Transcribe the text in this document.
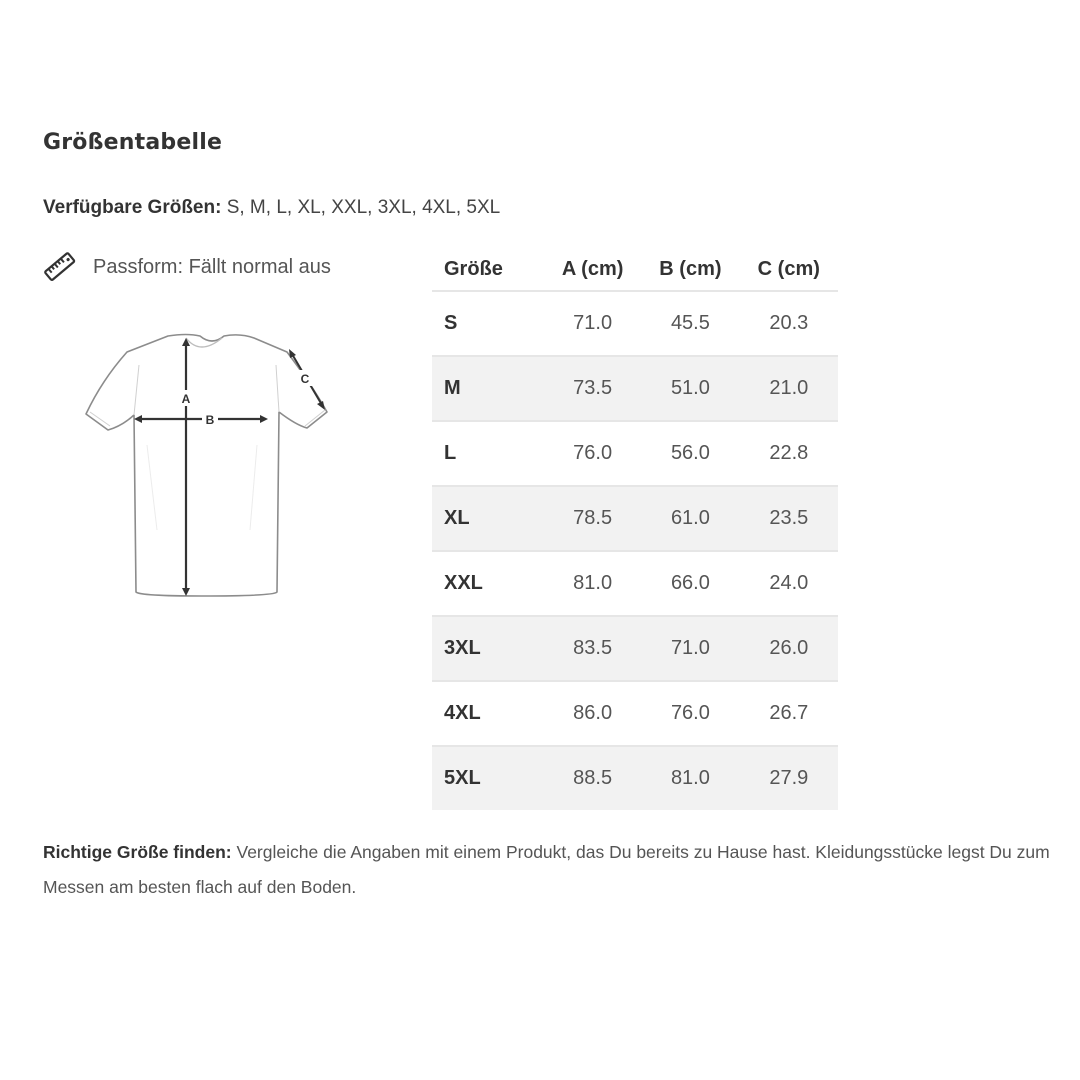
Größentabelle
Verfügbare Größen: S, M, L, XL, XXL, 3XL, 4XL, 5XL
Passform: Fällt normal aus
A
B
C
Größe	A (cm)	B (cm)	C (cm)
S	71.0	45.5	20.3
M	73.5	51.0	21.0
L	76.0	56.0	22.8
XL	78.5	61.0	23.5
XXL	81.0	66.0	24.0
3XL	83.5	71.0	26.0
4XL	86.0	76.0	26.7
5XL	88.5	81.0	27.9
Richtige Größe finden: Vergleiche die Angaben mit einem Produkt, das Du bereits zu Hause hast. Kleidungsstücke legst Du zum Messen am besten flach auf den Boden.
